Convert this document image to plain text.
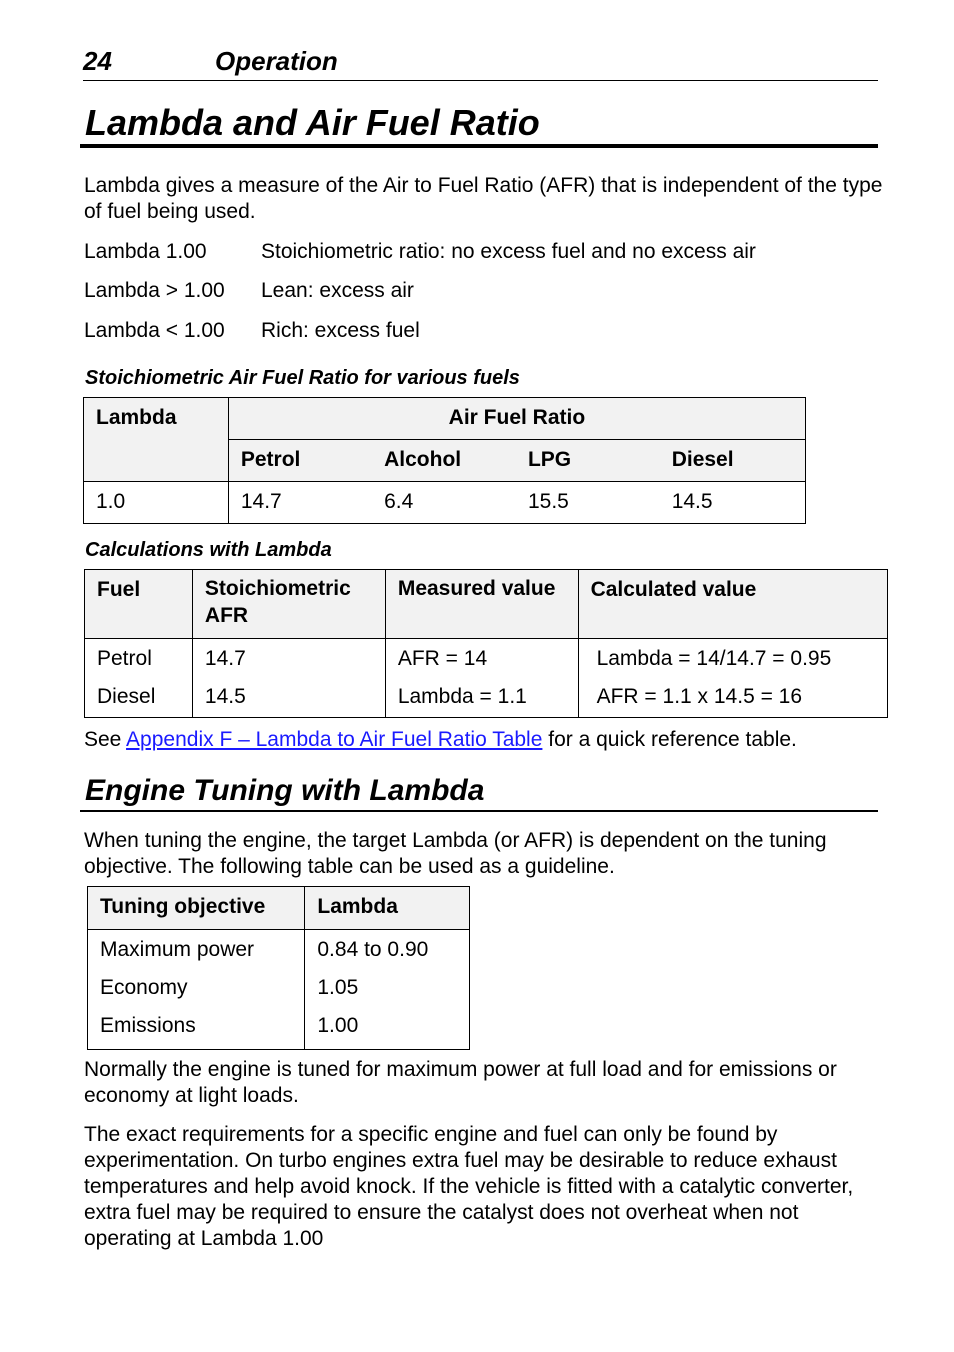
24	Operation
Lambda and Air Fuel Ratio
Lambda gives a measure of the Air to Fuel Ratio (AFR) that is independent of the type of fuel being used.
Lambda 1.00	Stoichiometric ratio: no excess fuel and no excess air
Lambda > 1.00 Lean: excess air
Lambda < 1.00 Rich: excess fuel
Stoichiometric Air Fuel Ratio for various fuels
Lambda	Air Fuel Ratio			

	Petrol	Alcohol	LPG	Diesel

1.0	14.7	6.4	15.5	14.5
Calculations with Lambda
Fuel	Stoichiometric AFR	Measured value	Calculated value

Petrol	14.7	AFR = 14	Lambda = 14/14.7 = 0.95

Diesel	14.5	Lambda = 1.1	AFR = 1.1 x 14.5 = 16
See Appendix F – Lambda to Air Fuel Ratio Table for a quick reference table.
Engine Tuning with Lambda
When tuning the engine, the target Lambda (or AFR) is dependent on the tuning objective. The following table can be used as a guideline.
Tuning objective	Lambda

Maximum power	0.84 to 0.90

Economy	1.05

Emissions	1.00
Normally the engine is tuned for maximum power at full load and for emissions or economy at light loads.
The exact requirements for a specific engine and fuel can only be found by experimentation. On turbo engines extra fuel may be desirable to reduce exhaust temperatures and help avoid knock. If the vehicle is fitted with a catalytic converter, extra fuel may be required to ensure the catalyst does not overheat when not operating at Lambda 1.00
